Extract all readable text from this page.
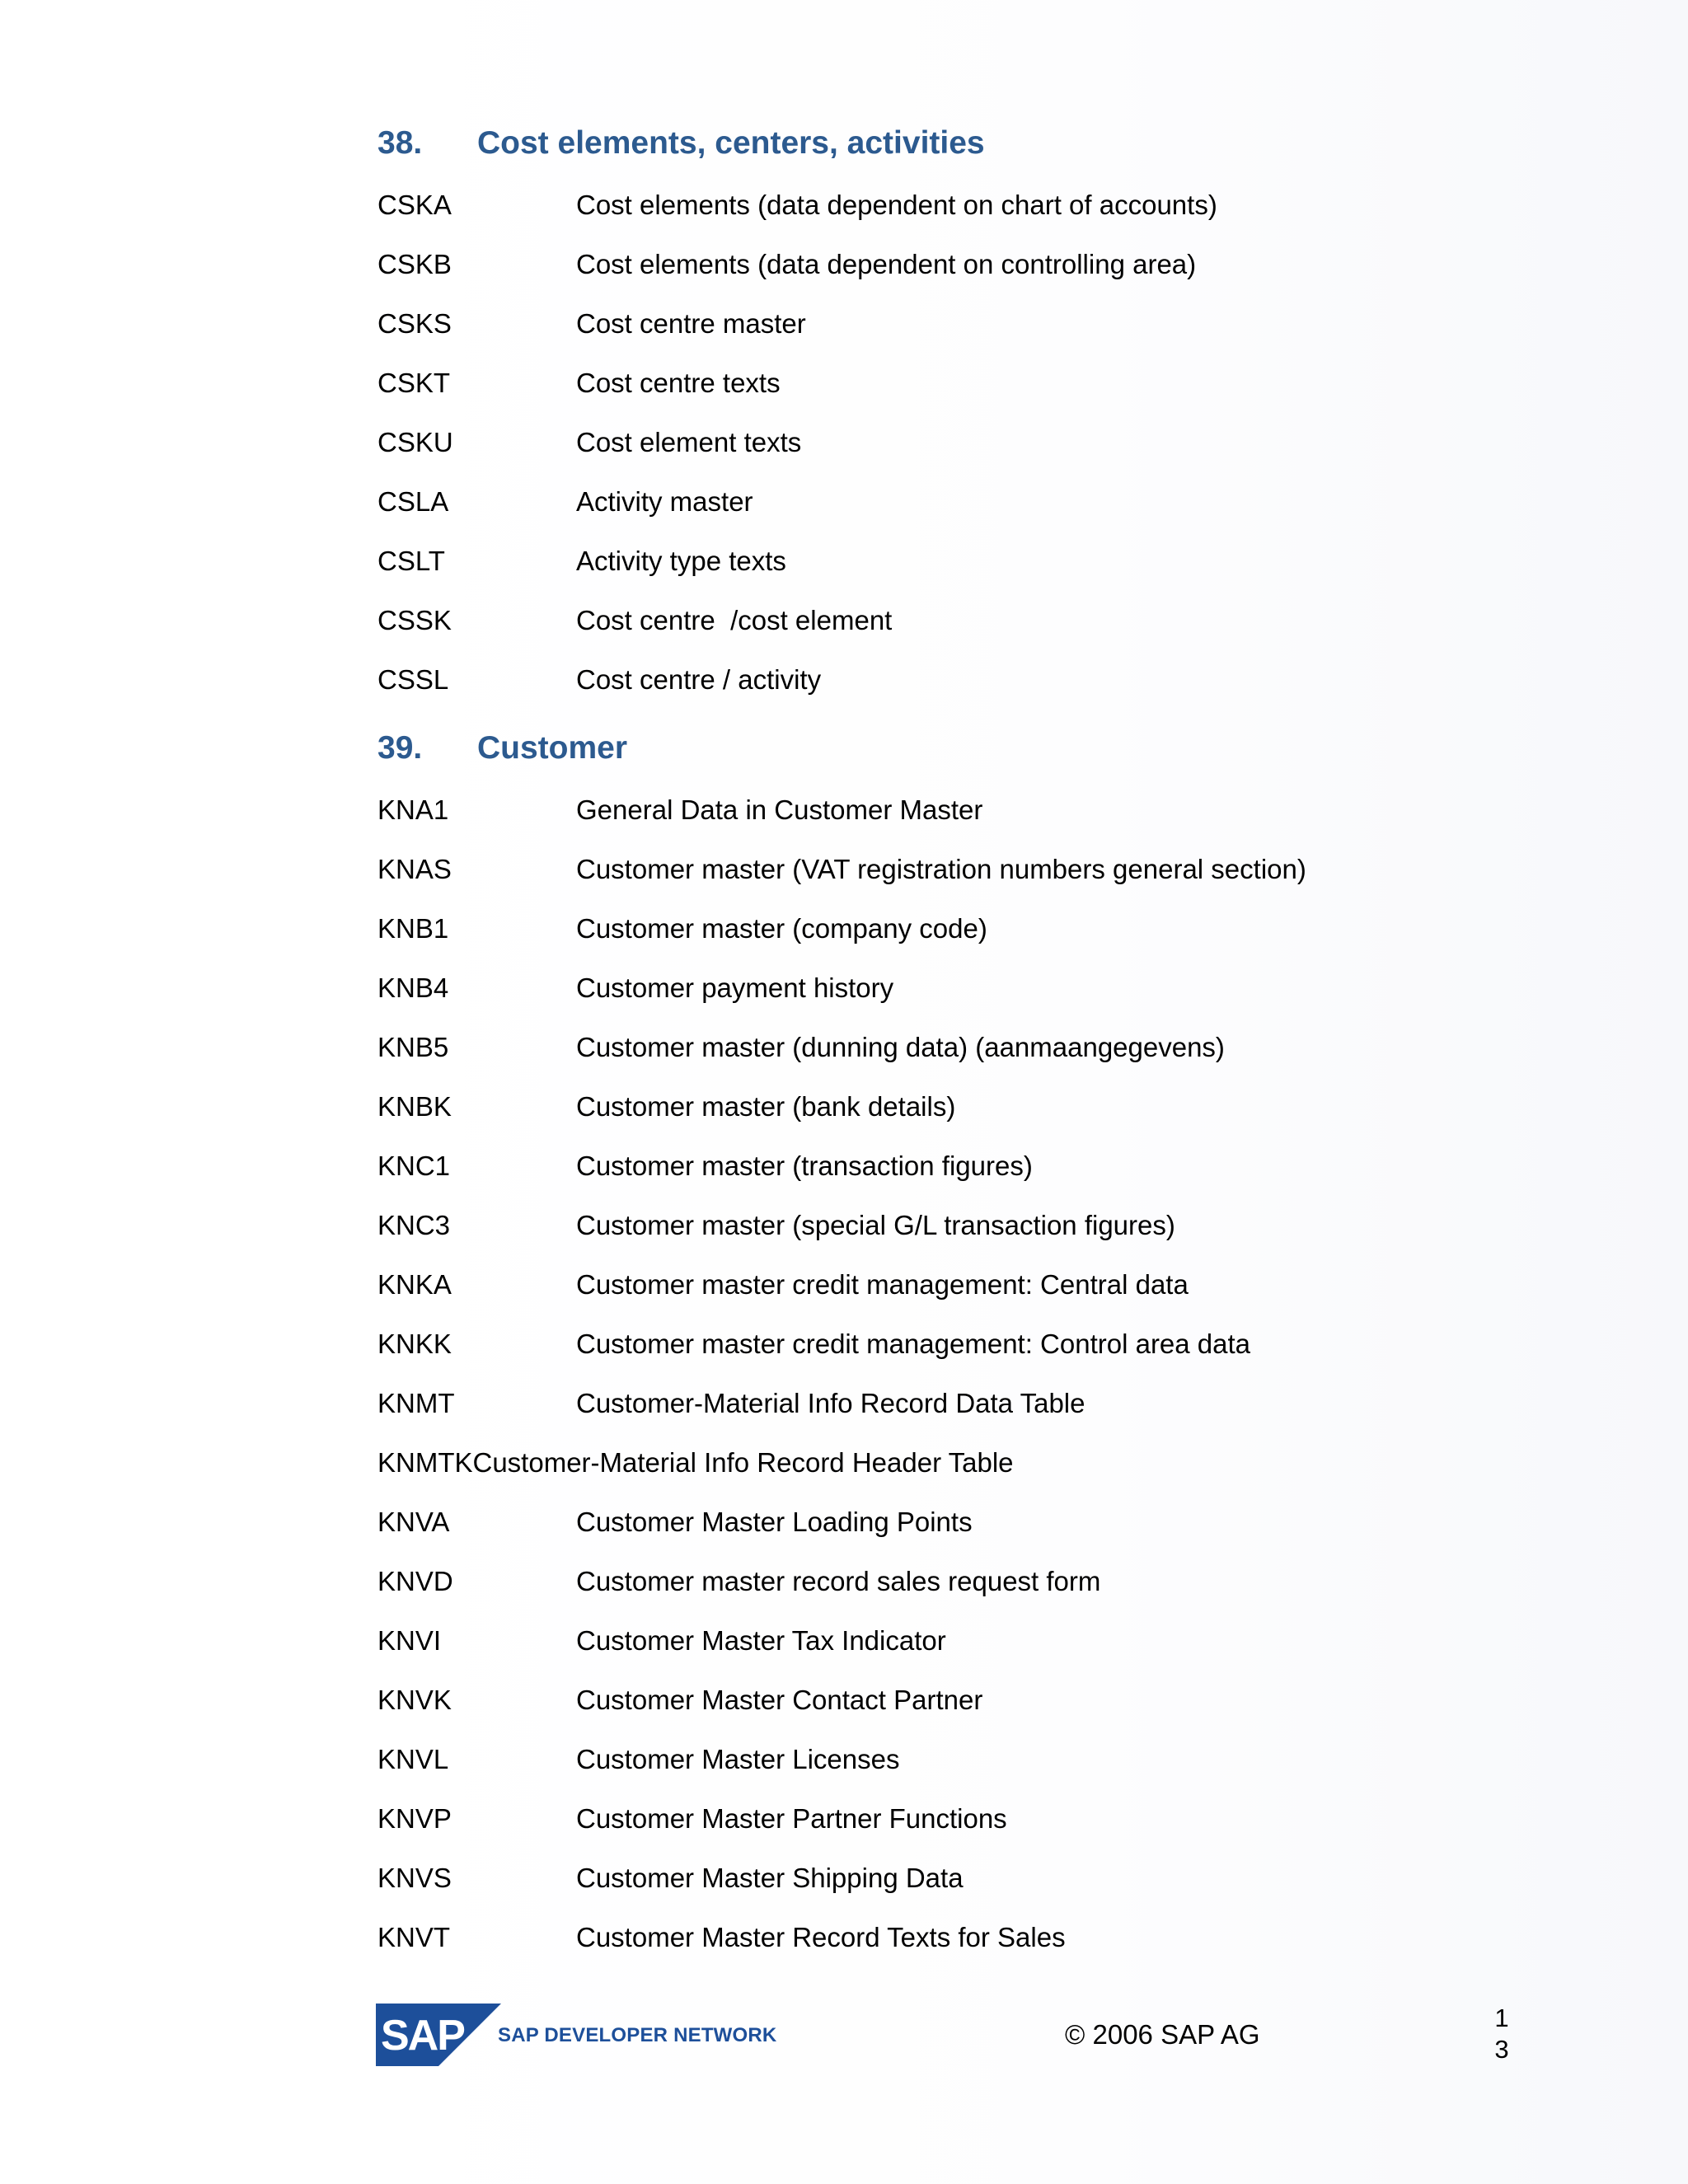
38.	Cost elements, centers, activities
CSKA	Cost elements (data dependent on chart of accounts)
CSKB	Cost elements (data dependent on controlling area)
CSKS	Cost centre master
CSKT	Cost centre texts
CSKU	Cost element texts
CSLA	Activity master
CSLT	Activity type texts
CSSK	Cost centre  /cost element
CSSL	Cost centre / activity
39.	Customer
KNA1	General Data in Customer Master
KNAS	Customer master (VAT registration numbers general section)
KNB1	Customer master (company code)
KNB4	Customer payment history
KNB5	Customer master (dunning data) (aanmaangegevens)
KNBK	Customer master (bank details)
KNC1	Customer master (transaction figures)
KNC3	Customer master (special G/L transaction figures)
KNKA	Customer master credit management: Central data
KNKK	Customer master credit management: Control area data
KNMT	Customer-Material Info Record Data Table
KNMTK Customer-Material Info Record Header Table
KNVA	Customer Master Loading Points
KNVD	Customer master record sales request form
KNVI	Customer Master Tax Indicator
KNVK	Customer Master Contact Partner
KNVL	Customer Master Licenses
KNVP	Customer Master Partner Functions
KNVS	Customer Master Shipping Data
KNVT	Customer Master Record Texts for Sales
SAP SAP DEVELOPER NETWORK	© 2006 SAP AG
1
3
